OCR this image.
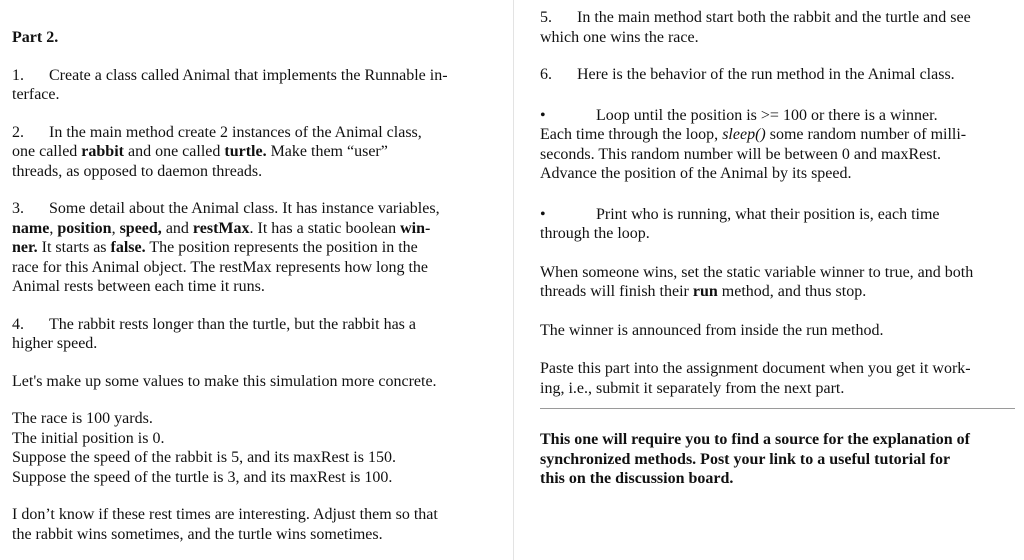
Part 2.

1. Create a class called Animal that implements the Runnable in-

terface.

2. In the main method create 2 instances of the Animal class,

one called rabbit and one called turtle. Make them “user”

threads, as opposed to daemon threads.

3. Some detail about the Animal class. It has instance variables,

name, position, speed, and restMax. It has a static boolean win-

ner. It starts as false. The position represents the position in the

race for this Animal object. The restMax represents how long the

Animal rests between each time it runs.

4. The rabbit rests longer than the turtle, but the rabbit has a

higher speed.

Let's make up some values to make this simulation more concrete.

The race is 100 yards.

The initial position is 0.

Suppose the speed of the rabbit is 5, and its maxRest is 150.

Suppose the speed of the turtle is 3, and its maxRest is 100.

I don’t know if these rest times are interesting. Adjust them so that

the rabbit wins sometimes, and the turtle wins sometimes.

5. In the main method start both the rabbit and the turtle and see

which one wins the race.

6. Here is the behavior of the run method in the Animal class.

•	Loop until the position is >= 100 or there is a winner.

Each time through the loop, sleep() some random number of milli-

seconds. This random number will be between 0 and maxRest.

Advance the position of the Animal by its speed.

•	Print who is running, what their position is, each time

through the loop.

When someone wins, set the static variable winner to true, and both

threads will finish their run method, and thus stop.

The winner is announced from inside the run method.

Paste this part into the assignment document when you get it work-

ing, i.e., submit it separately from the next part.

This one will require you to find a source for the explanation of

synchronized methods. Post your link to a useful tutorial for

this on the discussion board.
